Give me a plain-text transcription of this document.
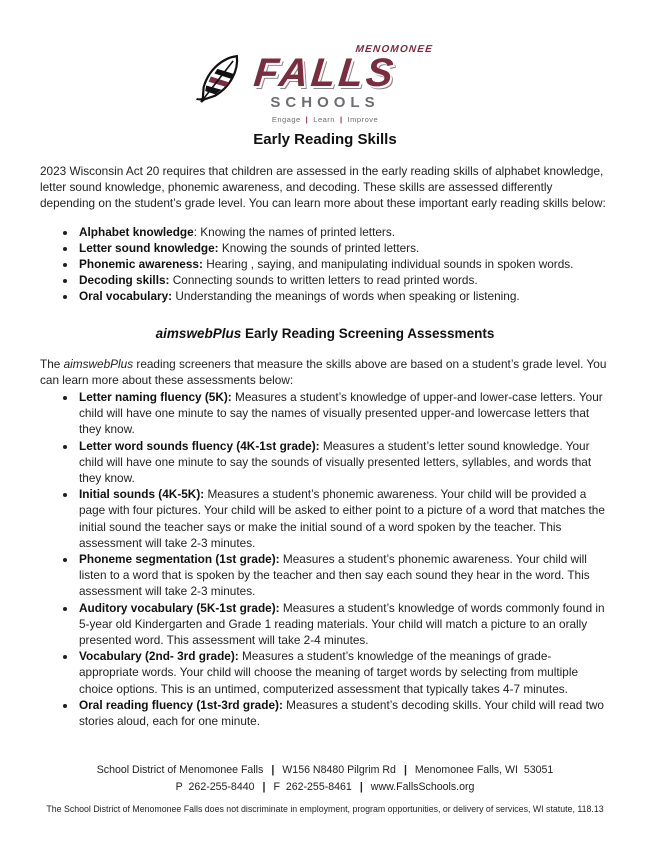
MENOMONEE
FALLS
SCHOOLS
Engage | Learn | Improve
Early Reading Skills

2023 Wisconsin Act 20 requires that children are assessed in the early reading skills of alphabet knowledge, letter sound knowledge, phonemic awareness, and decoding. These skills are assessed differently depending on the student’s grade level. You can learn more about these important early reading skills below:

• Alphabet knowledge: Knowing the names of printed letters.
• Letter sound knowledge: Knowing the sounds of printed letters.
• Phonemic awareness: Hearing , saying, and manipulating individual sounds in spoken words.
• Decoding skills: Connecting sounds to written letters to read printed words.
• Oral vocabulary: Understanding the meanings of words when speaking or listening.
aimswebPlus Early Reading Screening Assessments

The aimswebPlus reading screeners that measure the skills above are based on a student’s grade level. You can learn more about these assessments below:

• Letter naming fluency (5K): Measures a student’s knowledge of upper-and lower-case letters. Your child will have one minute to say the names of visually presented upper-and lowercase letters that they know.
• Letter word sounds fluency (4K-1st grade): Measures a student’s letter sound knowledge. Your child will have one minute to say the sounds of visually presented letters, syllables, and words that they know.
• Initial sounds (4K-5K): Measures a student’s phonemic awareness. Your child will be provided a page with four pictures. Your child will be asked to either point to a picture of a word that matches the initial sound the teacher says or make the initial sound of a word spoken by the teacher. This assessment will take 2-3 minutes.
• Phoneme segmentation (1st grade): Measures a student’s phonemic awareness. Your child will listen to a word that is spoken by the teacher and then say each sound they hear in the word. This assessment will take 2-3 minutes.
• Auditory vocabulary (5K-1st grade): Measures a student’s knowledge of words commonly found in 5-year old Kindergarten and Grade 1 reading materials. Your child will match a picture to an orally presented word. This assessment will take 2-4 minutes.
• Vocabulary (2nd- 3rd grade): Measures a student’s knowledge of the meanings of grade-appropriate words. Your child will choose the meaning of target words by selecting from multiple choice options. This is an untimed, computerized assessment that typically takes 4-7 minutes.
• Oral reading fluency (1st-3rd grade): Measures a student’s decoding skills. Your child will read two stories aloud, each for one minute.
School District of Menomonee Falls | W156 N8480 Pilgrim Rd | Menomonee Falls, WI  53051
P  262-255-8440 | F  262-255-8461 | www.FallsSchools.org
The School District of Menomonee Falls does not discriminate in employment, program opportunities, or delivery of services, WI statute, 118.13
